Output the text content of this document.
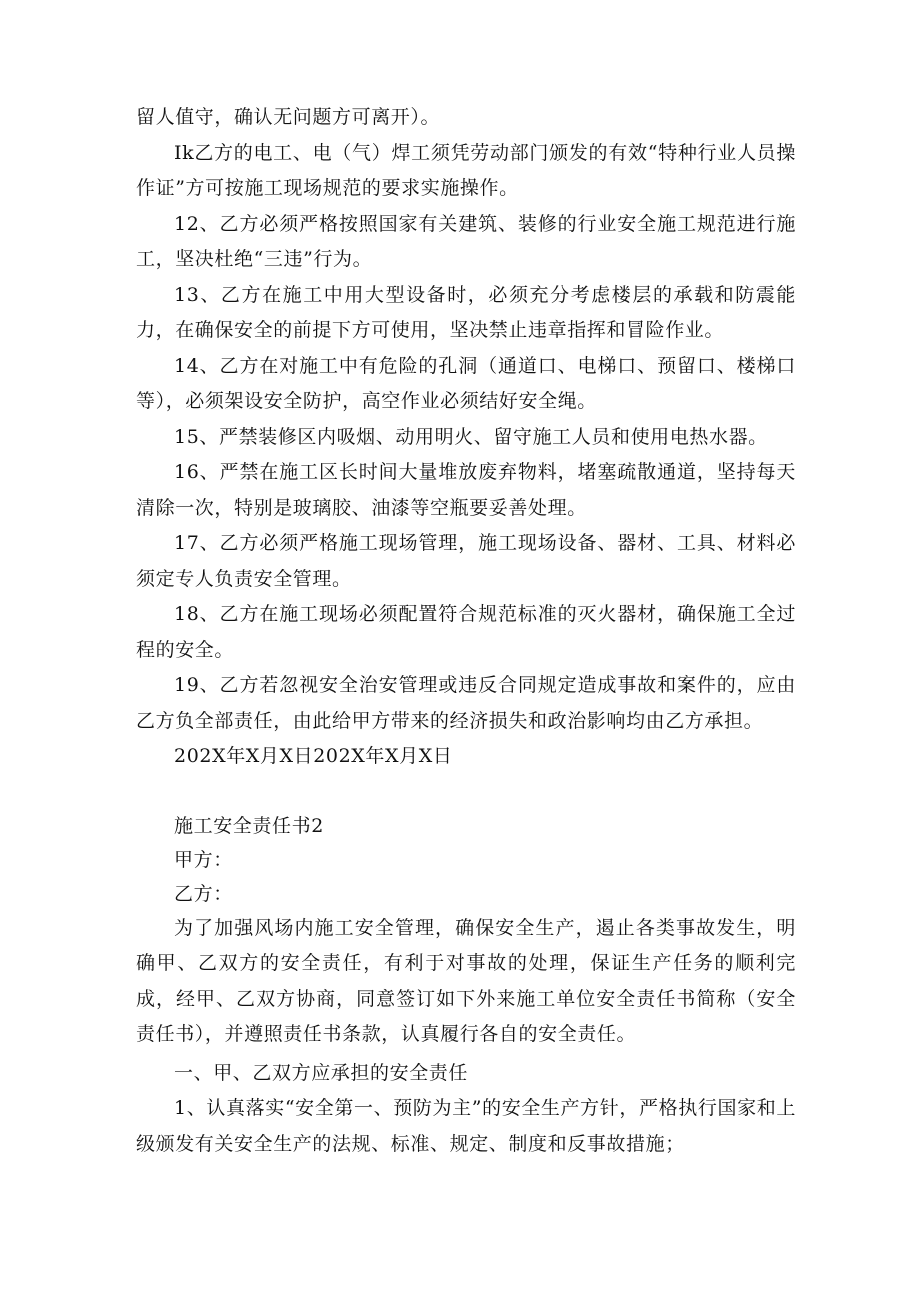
留人值守，确认无问题方可离开）。

Ik乙方的电工、电（气）焊工须凭劳动部门颁发的有效“特种行业人员操作证”方可按施工现场规范的要求实施操作。

12、乙方必须严格按照国家有关建筑、装修的行业安全施工规范进行施工，坚决杜绝“三违”行为。

13、乙方在施工中用大型设备时，必须充分考虑楼层的承载和防震能力，在确保安全的前提下方可使用，坚决禁止违章指挥和冒险作业。

14、乙方在对施工中有危险的孔洞（通道口、电梯口、预留口、楼梯口等），必须架设安全防护，高空作业必须结好安全绳。

15、严禁装修区内吸烟、动用明火、留守施工人员和使用电热水器。

16、严禁在施工区长时间大量堆放废弃物料，堵塞疏散通道，坚持每天清除一次，特别是玻璃胶、油漆等空瓶要妥善处理。

17、乙方必须严格施工现场管理，施工现场设备、器材、工具、材料必须定专人负责安全管理。

18、乙方在施工现场必须配置符合规范标准的灭火器材，确保施工全过程的安全。

19、乙方若忽视安全治安管理或违反合同规定造成事故和案件的，应由乙方负全部责任，由此给甲方带来的经济损失和政治影响均由乙方承担。

202X年X月X日202X年X月X日

施工安全责任书2

甲方：

乙方：

为了加强风场内施工安全管理，确保安全生产，遏止各类事故发生，明确甲、乙双方的安全责任，有利于对事故的处理，保证生产任务的顺利完成，经甲、乙双方协商，同意签订如下外来施工单位安全责任书简称（安全责任书），并遵照责任书条款，认真履行各自的安全责任。

一、甲、乙双方应承担的安全责任

1、认真落实“安全第一、预防为主”的安全生产方针，严格执行国家和上级颁发有关安全生产的法规、标准、规定、制度和反事故措施；
